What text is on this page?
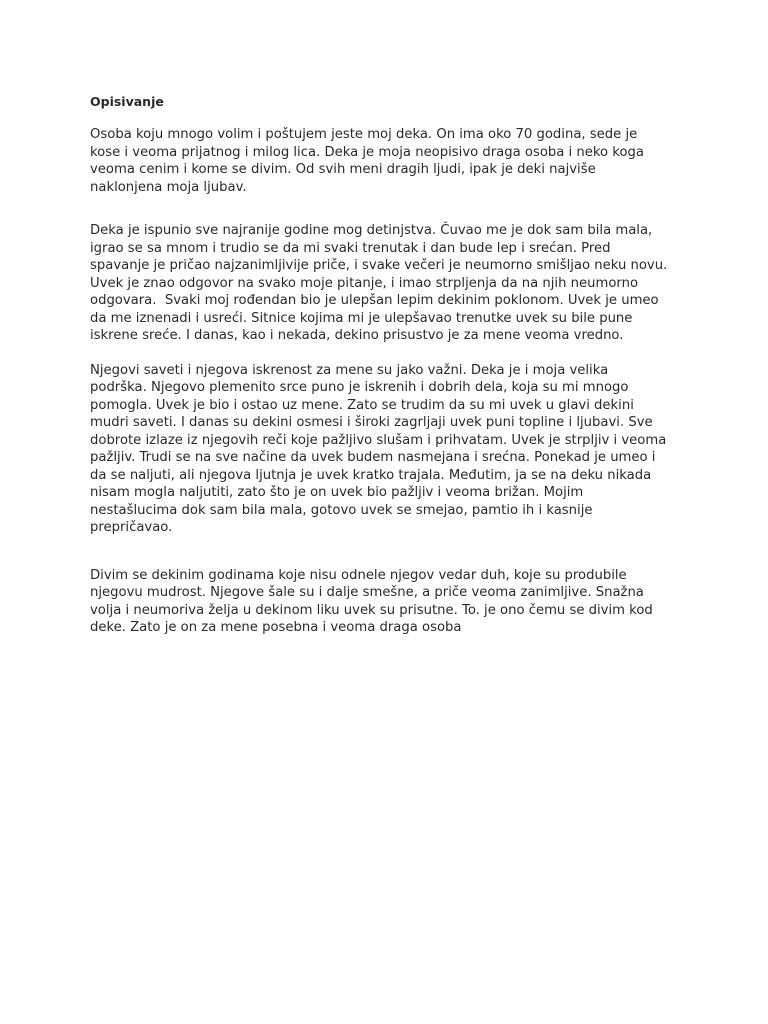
Opisivanje

Osoba koju mnogo volim i poštujem jeste moj deka. On ima oko 70 godina, sede je
kose i veoma prijatnog i milog lica. Deka je moja neopisivo draga osoba i neko koga
veoma cenim i kome se divim. Od svih meni dragih ljudi, ipak je deki najviše
naklonjena moja ljubav.

Deka je ispunio sve najranije godine mog detinjstva. Čuvao me je dok sam bila mala,
igrao se sa mnom i trudio se da mi svaki trenutak i dan bude lep i srećan. Pred
spavanje je pričao najzanimljivije priče, i svake večeri je neumorno smišljao neku novu.
Uvek je znao odgovor na svako moje pitanje, i imao strpljenja da na njih neumorno
odgovara.  Svaki moj rođendan bio je ulepšan lepim dekinim poklonom. Uvek je umeo
da me iznenadi i usreći. Sitnice kojima mi je ulepšavao trenutke uvek su bile pune
iskrene sreće. I danas, kao i nekada, dekino prisustvo je za mene veoma vredno.

Njegovi saveti i njegova iskrenost za mene su jako važni. Deka je i moja velika
podrška. Njegovo plemenito srce puno je iskrenih i dobrih dela, koja su mi mnogo
pomogla. Uvek je bio i ostao uz mene. Zato se trudim da su mi uvek u glavi dekini
mudri saveti. I danas su dekini osmesi i široki zagrljaji uvek puni topline i ljubavi. Sve
dobrote izlaze iz njegovih reči koje pažljivo slušam i prihvatam. Uvek je strpljiv i veoma
pažljiv. Trudi se na sve načine da uvek budem nasmejana i srećna. Ponekad je umeo i
da se naljuti, ali njegova ljutnja je uvek kratko trajala. Međutim, ja se na deku nikada
nisam mogla naljutiti, zato što je on uvek bio pažljiv i veoma brižan. Mojim
nestašlucima dok sam bila mala, gotovo uvek se smejao, pamtio ih i kasnije
prepričavao.

Divim se dekinim godinama koje nisu odnele njegov vedar duh, koje su produbile
njegovu mudrost. Njegove šale su i dalje smešne, a priče veoma zanimljive. Snažna
volja i neumoriva želja u dekinom liku uvek su prisutne. To. je ono čemu se divim kod
deke. Zato je on za mene posebna i veoma draga osoba
